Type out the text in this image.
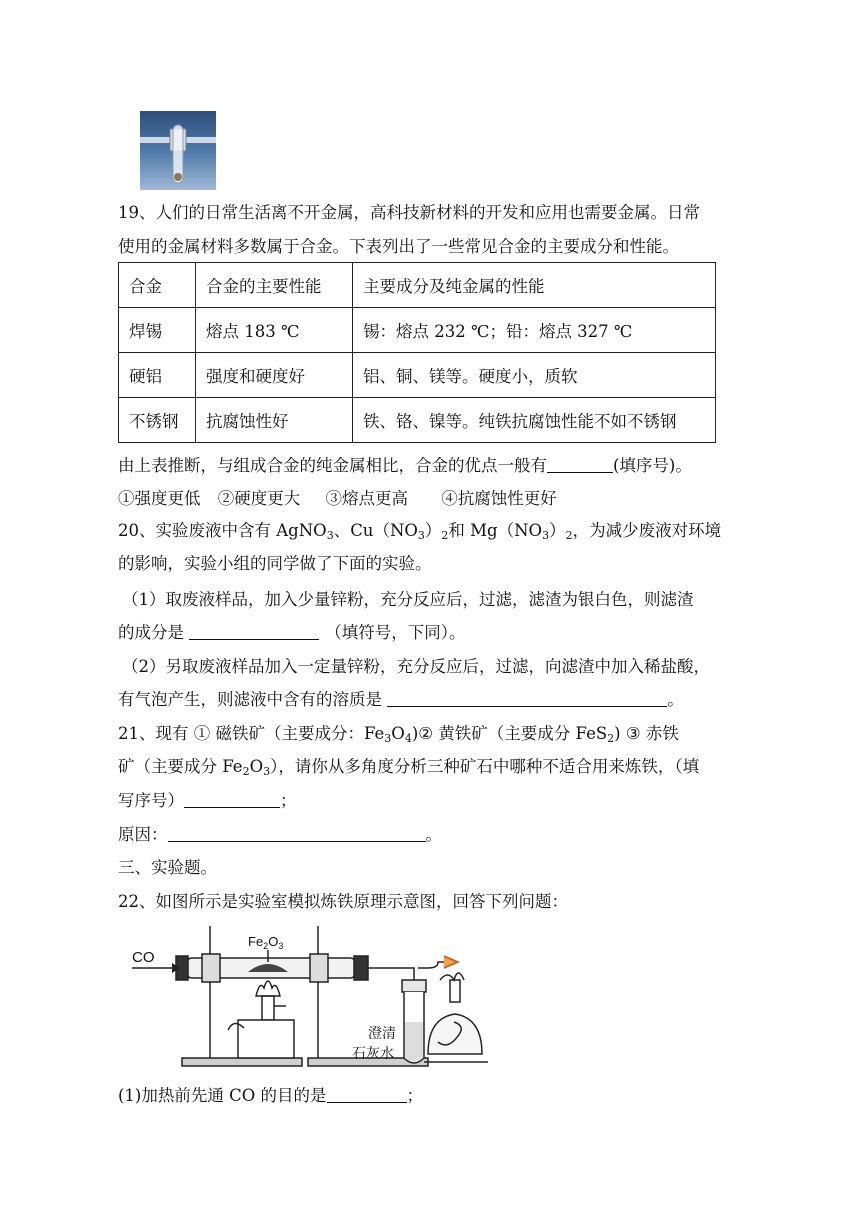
19、人们的日常生活离不开金属，高科技新材料的开发和应用也需要金属。日常
使用的金属材料多数属于合金。下表列出了一些常见合金的主要成分和性能。
合金	合金的主要性能	主要成分及纯金属的性能
焊锡	熔点 183 ℃	锡：熔点 232 ℃；铅：熔点 327 ℃
硬铝	强度和硬度好	铝、铜、镁等。硬度小，质软
不锈钢	抗腐蚀性好	铁、铬、镍等。纯铁抗腐蚀性能不如不锈钢
由上表推断，与组成合金的纯金属相比，合金的优点一般有	(填序号)。
①强度更低 ②硬度更大 ③熔点更高 ④抗腐蚀性更好
20、实验废液中含有 AgNO$_3$、$Cu(NO_3)_2$和 $Mg(NO_3)_2$，为减少废液对环境
的影响，实验小组的同学做了下面的实验。
（1）取废液样品，加入少量锌粉，充分反应后，过滤，滤渣为银白色，则滤渣
的成分是	（填符号，下同）。
（2）另取废液样品加入一定量锌粉，充分反应后，过滤，向滤渣中加入稀盐酸，
有气泡产生，则滤液中含有的溶质是	。
21、现有 ① 磁铁矿（主要成分：$Fe_3O_4)②$ 黄铁矿（主要成分 FeS$_2$) ③ 赤铁
矿（主要成分 $Fe_2O_3$），请你从多角度分析三种矿石中哪种不适合用来炼铁，（填
写序号）	；
原因：	。
三、实验题。
22、如图所示是实验室模拟炼铁原理示意图，回答下列问题：
CO
$Fe_2O_3$
澄清
石灰水
(1)加热前先通 CO 的目的是	；
